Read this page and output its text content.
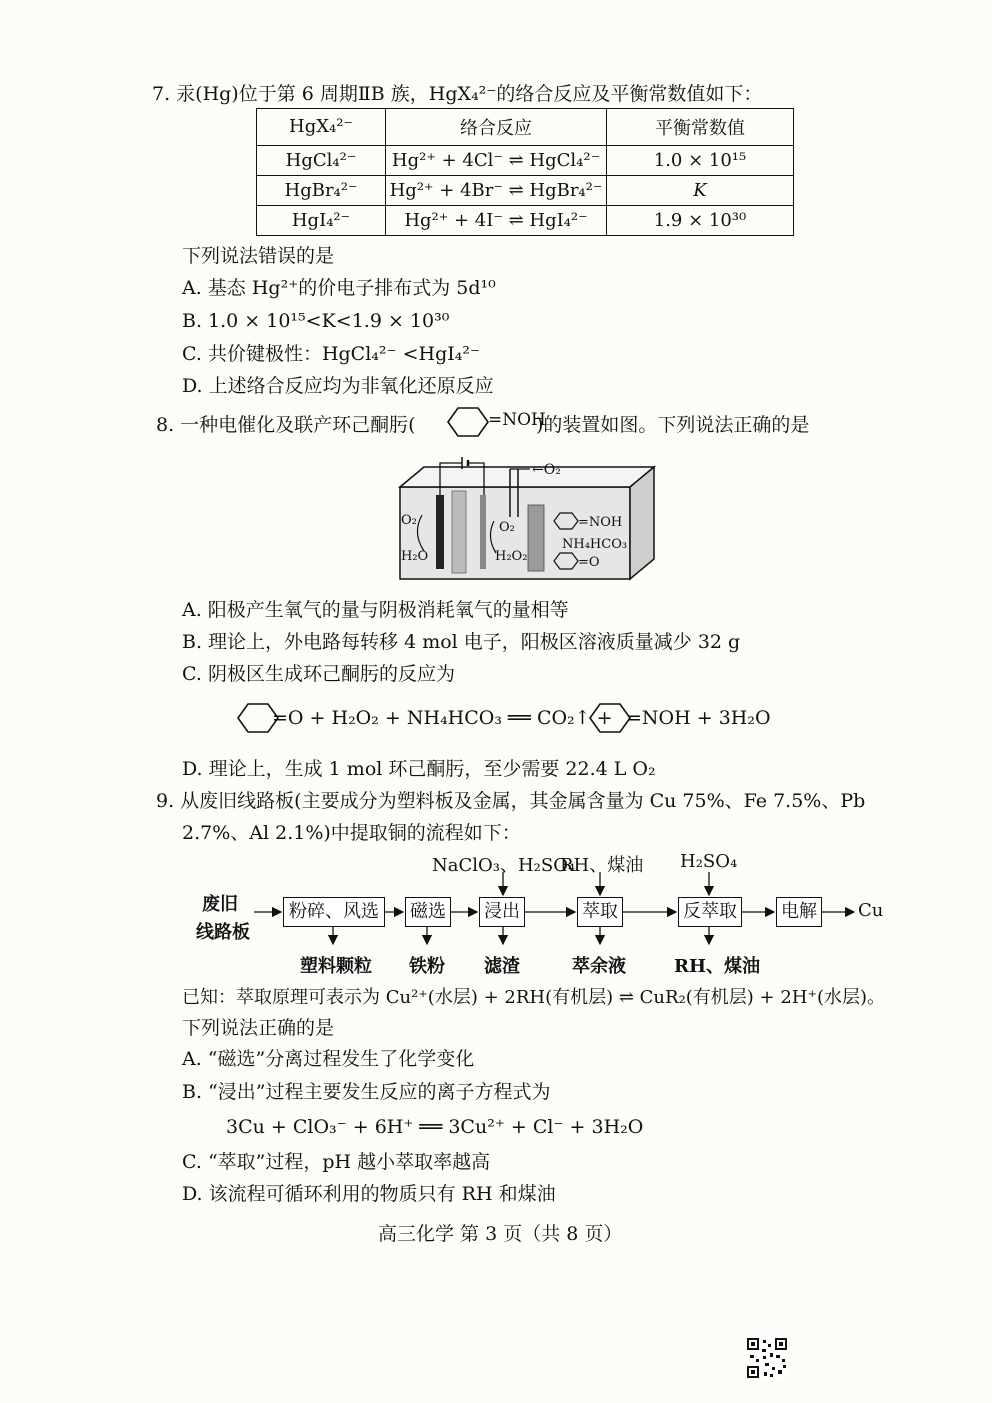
7. 汞(Hg)位于第 6 周期ⅡB 族，HgX₄²⁻的络合反应及平衡常数值如下：
HgX₄²⁻	络合反应	平衡常数值
HgCl₄²⁻	Hg²⁺ + 4Cl⁻ ⇌ HgCl₄²⁻	1.0 × 10¹⁵
HgBr₄²⁻	Hg²⁺ + 4Br⁻ ⇌ HgBr₄²⁻	K
HgI₄²⁻	Hg²⁺ + 4I⁻ ⇌ HgI₄²⁻	1.9 × 10³⁰
下列说法错误的是
A. 基态 Hg²⁺的价电子排布式为 5d¹⁰
B. 1.0 × 10¹⁵<K<1.9 × 10³⁰
C. 共价键极性：HgCl₄²⁻ <HgI₄²⁻
D. 上述络合反应均为非氧化还原反应
8. 一种电催化及联产环己酮肟(	=NOH
)的装置如图。下列说法正确的是
←O₂
O₂
H₂O
O₂
H₂O₂
=NOH
NH₄HCO₃
=O
A. 阳极产生氧气的量与阴极消耗氧气的量相等
B. 理论上，外电路每转移 4 mol 电子，阳极区溶液质量减少 32 g
C. 阴极区生成环己酮肟的反应为
=O + H₂O₂ + NH₄HCO₃ ══ CO₂↑ + =NOH + 3H₂O
D. 理论上，生成 1 mol 环己酮肟，至少需要 22.4 L O₂
9. 从废旧线路板(主要成分为塑料板及金属，其金属含量为 Cu 75%、Fe 7.5%、Pb
2.7%、Al 2.1%)中提取铜的流程如下：
NaClO₃、H₂SO₄
RH、煤油 H₂SO₄
废旧
线路板
粉碎、风选	磁选 浸出	萃取	反萃取 电解 Cu
塑料颗粒 铁粉 滤渣	萃余液	RH、煤油
已知：萃取原理可表示为 Cu²⁺(水层) + 2RH(有机层) ⇌ CuR₂(有机层) + 2H⁺(水层)。
下列说法正确的是
A. “磁选”分离过程发生了化学变化
B. “浸出”过程主要发生反应的离子方程式为
3Cu + ClO₃⁻ + 6H⁺ ══ 3Cu²⁺ + Cl⁻ + 3H₂O
C. “萃取”过程，pH 越小萃取率越高
D. 该流程可循环利用的物质只有 RH 和煤油
高三化学 第 3 页（共 8 页）
